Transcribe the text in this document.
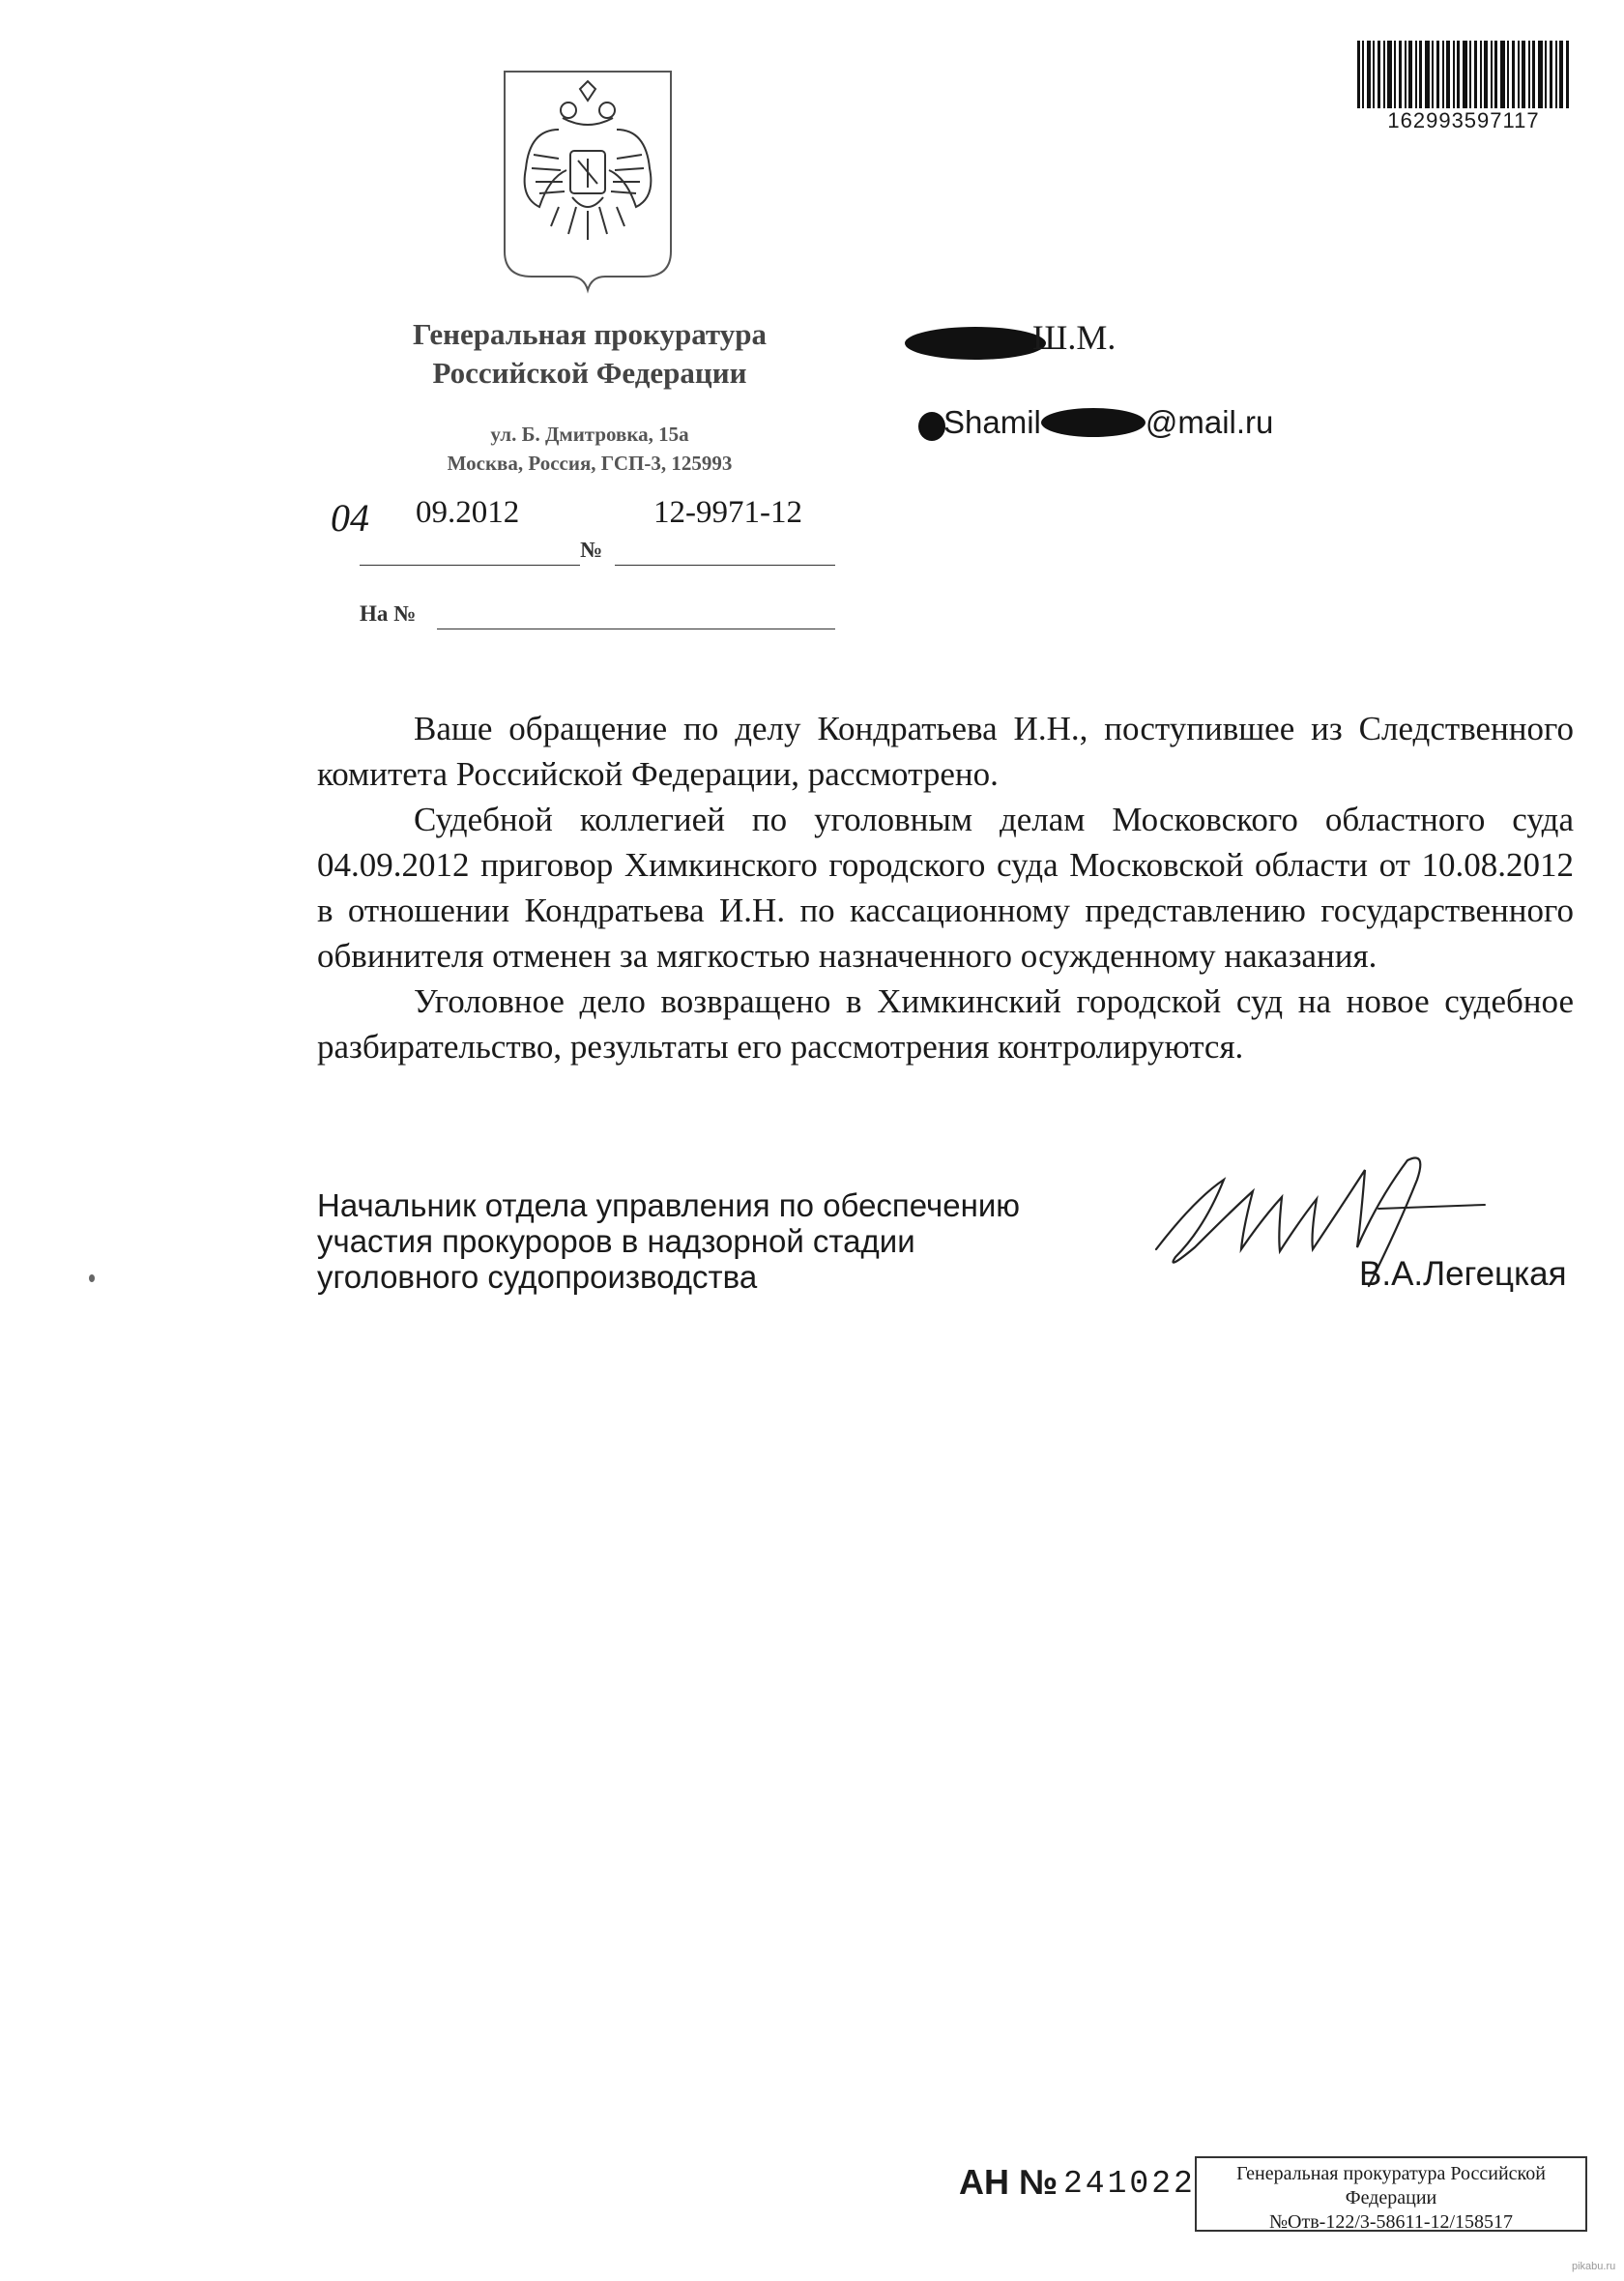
162993597117
Генеральная прокуратура
Российской Федерации
ул. Б. Дмитровка, 15а
Москва, Россия, ГСП-3, 125993
Ш.М.
Shamil	@mail.ru
04 09.2012	12-9971-12
№
На №

Ваше обращение по делу Кондратьева И.Н., поступившее из Следственного комитета Российской Федерации, рассмотрено.

Судебной коллегией по уголовным делам Московского областного суда 04.09.2012 приговор Химкинского городского суда Московской области от 10.08.2012 в отношении Кондратьева И.Н. по кассационному представлению государственного обвинителя отменен за мягкостью назначенного осужденному наказания.

Уголовное дело возвращено в Химкинский городской суд на новое судебное разбирательство, результаты его рассмотрения контролируются.

Начальник отдела управления по обеспечению
участия прокуроров в надзорной стадии
уголовного судопроизводства	В.А.Легецкая
АН № 241022	Генеральная прокуратура Российской
Федерации
№Отв-122/3-58611-12/158517
pikabu.ru
